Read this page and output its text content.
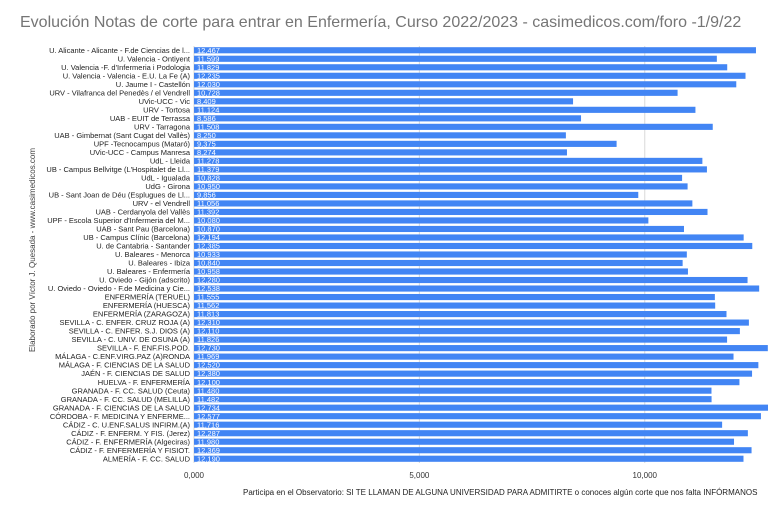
Evolución Notas de corte para entrar en Enfermería, Curso 2022/2023 - casimedicos.com/foro -1/9/22
U. Alicante - Alicante - F.de Ciencias de l...
U. Valencia - Ontiyent
U. Valencia -F. d'Infermeria i Podologia
U. Valencia - Valencia - E.U. La Fe (A)
U. Jaume I - Castellón
URV - Vilafranca del Penedès / el Vendrell
UVic-UCC - Vic
URV - Tortosa
UAB - EUIT de Terrassa
URV - Tarragona
UAB - Gimbernat (Sant Cugat del Vallès)
UPF -Tecnocampus (Mataró)
UVic-UCC - Campus Manresa
UdL - Lleida
UB - Campus Bellvitge (L'Hospitalet de Ll...
UdL - Igualada
UdG - Girona
UB - Sant Joan de Déu (Esplugues de Ll...
URV - el Vendrell
UAB - Cerdanyola del Vallès
UPF - Escola Superior d'Infermeria del M...
UAB - Sant Pau (Barcelona)
UB - Campus Clínic (Barcelona)
U. de Cantabria - Santander
U. Baleares - Menorca
U. Baleares - Ibiza
U. Baleares - Enfermería
U. Oviedo - Gijón (adscrito)
U. Oviedo - Oviedo - F.de Medicina y Cie...
ENFERMERÍA (TERUEL)
ENFERMERÍA (HUESCA)
ENFERMERÍA (ZARAGOZA)
SEVILLA - C. ENFER. CRUZ ROJA (A)
SEVILLA - C. ENFER. S.J. DIOS (A)
SEVILLA - C. UNIV. DE OSUNA (A)
SEVILLA - F. ENF.FIS.POD.
MÁLAGA - C.ENF.VIRG.PAZ (A)RONDA
MÁLAGA - F. CIENCIAS DE LA SALUD
JAÉN - F. CIENCIAS DE SALUD
HUELVA - F. ENFERMERÍA
GRANADA - F. CC. SALUD (Ceuta)
GRANADA - F. CC. SALUD (MELILLA)
GRANADA - F. CIENCIAS DE LA SALUD
CÓRDOBA - F. MEDICINA Y ENFERME...
CÁDIZ - C. U.ENF.SALUS INFIRM.(A)
CÁDIZ - F. ENFERM. Y FIS. (Jerez)
CÁDIZ - F. ENFERMERÍA (Algeciras)
CÁDIZ - F. ENFERMERÍA Y FISIOT.
ALMERÍA - F. CC. SALUD
12,467
11,599
11,829
12,235
12,030
10,728
8,409
11,124
8,586
11,508
8,250
9,375
8,274
11,278
11,379
10,828
10,950
9,856
11,056
11,392
10,080
10,870
12,194
12,385
10,933
10,840
10,958
12,280
12,538
11,555
11,562
11,813
12,310
12,110
11,826
12,730
11,969
12,520
12,380
12,100
11,480
11,482
12,734
12,577
11,716
12,287
11,980
12,369
12,190
0,000	5,000	10,000
Elaborado por Víctor J. Quesada - www.casimedicos.com
Participa en el Observatorio: SI TE LLAMAN DE ALGUNA UNIVERSIDAD PARA ADMITIRTE o conoces algún corte que nos falta INFÓRMANOS
